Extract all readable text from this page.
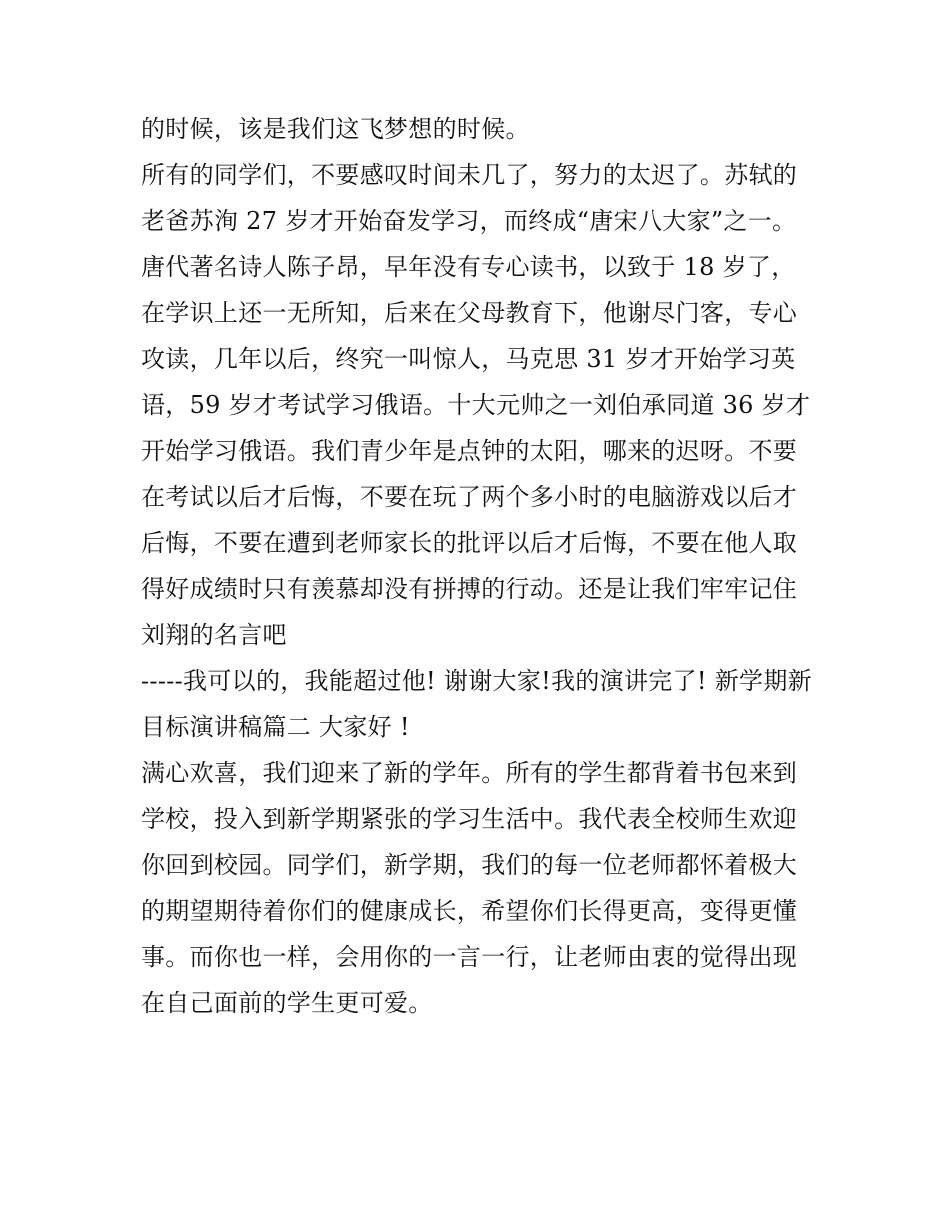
的时候，该是我们这飞梦想的时候。
所有的同学们，不要感叹时间未几了，努力的太迟了。苏轼的
老爸苏洵 27 岁才开始奋发学习，而终成“唐宋八大家”之一。
唐代著名诗人陈子昂，早年没有专心读书，以致于 18 岁了，
在学识上还一无所知，后来在父母教育下，他谢尽门客，专心
攻读，几年以后，终究一叫惊人，马克思 31 岁才开始学习英
语，59 岁才考试学习俄语。十大元帅之一刘伯承同道 36 岁才
开始学习俄语。我们青少年是点钟的太阳，哪来的迟呀。不要
在考试以后才后悔，不要在玩了两个多小时的电脑游戏以后才
后悔，不要在遭到老师家长的批评以后才后悔，不要在他人取
得好成绩时只有羡慕却没有拼搏的行动。还是让我们牢牢记住
刘翔的名言吧
-----我可以的，我能超过他! 谢谢大家!我的演讲完了! 新学期新
目标演讲稿篇二 大家好 !
满心欢喜，我们迎来了新的学年。所有的学生都背着书包来到
学校，投入到新学期紧张的学习生活中。我代表全校师生欢迎
你回到校园。同学们，新学期，我们的每一位老师都怀着极大
的期望期待着你们的健康成长，希望你们长得更高，变得更懂
事。而你也一样，会用你的一言一行，让老师由衷的觉得出现
在自己面前的学生更可爱。
